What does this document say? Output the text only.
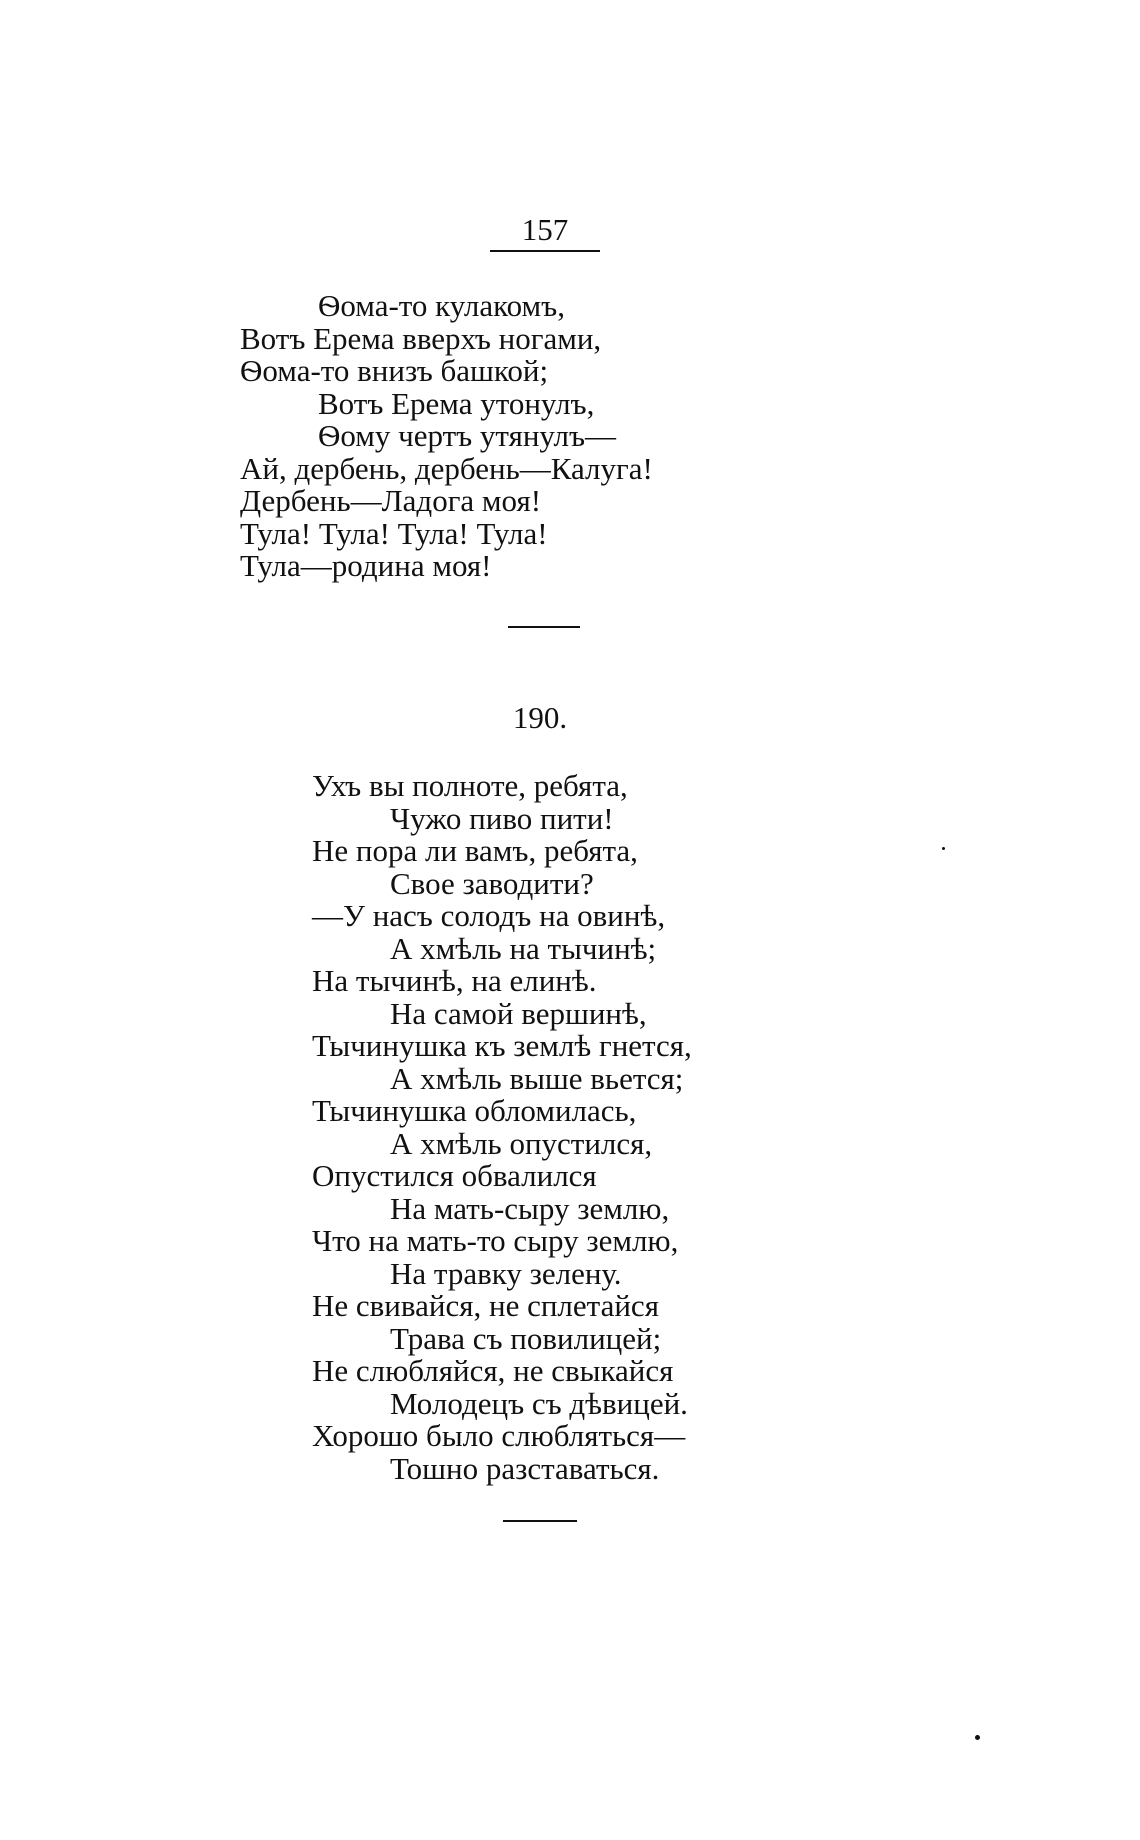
157
Ѳома-то кулакомъ,
Вотъ Ерема вверхъ ногами,
Ѳома-то внизъ башкой;
Вотъ Ерема утонулъ,
Ѳому чертъ утянулъ—
Ай, дербень, дербень—Калуга!
Дербень—Ладога моя!
Тула! Тула! Тула! Тула!
Тула—родина моя!
190.
Ухъ вы полноте, ребята,
Чужо пиво пити!
Не пора ли вамъ, ребята,
Свое заводити?
—У насъ солодъ на овинѣ,
А хмѣль на тычинѣ;
На тычинѣ, на елинѣ.
На самой вершинѣ,
Тычинушка къ землѣ гнется,
А хмѣль выше вьется;
Тычинушка обломилась,
А хмѣль опустился,
Опустился обвалился
На мать-сыру землю,
Что на мать-то сыру землю,
На травку зелену.
Не свивайся, не сплетайся
Трава съ повилицей;
Не слюбляйся, не свыкайся
Молодецъ съ дѣвицей.
Хорошо было слюбляться—
Тошно разставаться.
